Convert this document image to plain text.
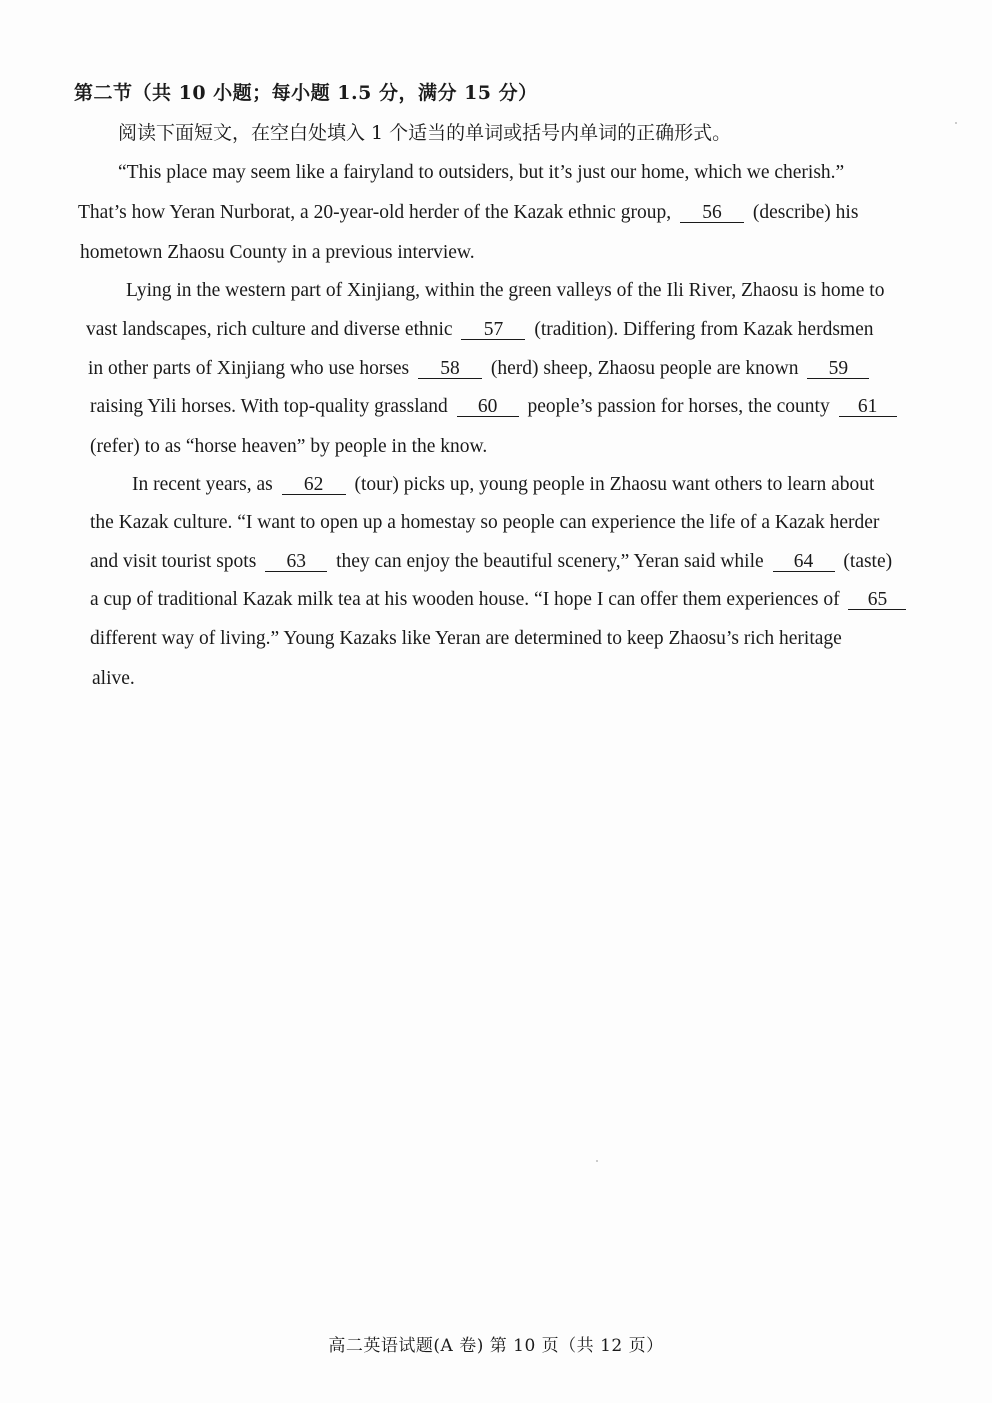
第二节（共 10 小题；每小题 1.5 分，满分 15 分）
阅读下面短文，在空白处填入 1 个适当的单词或括号内单词的正确形式。
“This place may seem like a fairyland to outsiders, but it’s just our home, which we cherish.”
That’s how Yeran Nurborat, a 20-year-old herder of the Kazak ethnic group, 56 (describe) his
hometown Zhaosu County in a previous interview.
Lying in the western part of Xinjiang, within the green valleys of the Ili River, Zhaosu is home to
vast landscapes, rich culture and diverse ethnic 57 (tradition). Differing from Kazak herdsmen
in other parts of Xinjiang who use horses 58 (herd) sheep, Zhaosu people are known 59
raising Yili horses. With top-quality grassland 60 people’s passion for horses, the county 61
(refer) to as “horse heaven” by people in the know.
In recent years, as 62 (tour) picks up, young people in Zhaosu want others to learn about
the Kazak culture. “I want to open up a homestay so people can experience the life of a Kazak herder
and visit tourist spots 63 they can enjoy the beautiful scenery,” Yeran said while 64 (taste)
a cup of traditional Kazak milk tea at his wooden house. “I hope I can offer them experiences of 65
different way of living.” Young Kazaks like Yeran are determined to keep Zhaosu’s rich heritage
alive.
高二英语试题(A 卷) 第 10 页（共 12 页）
